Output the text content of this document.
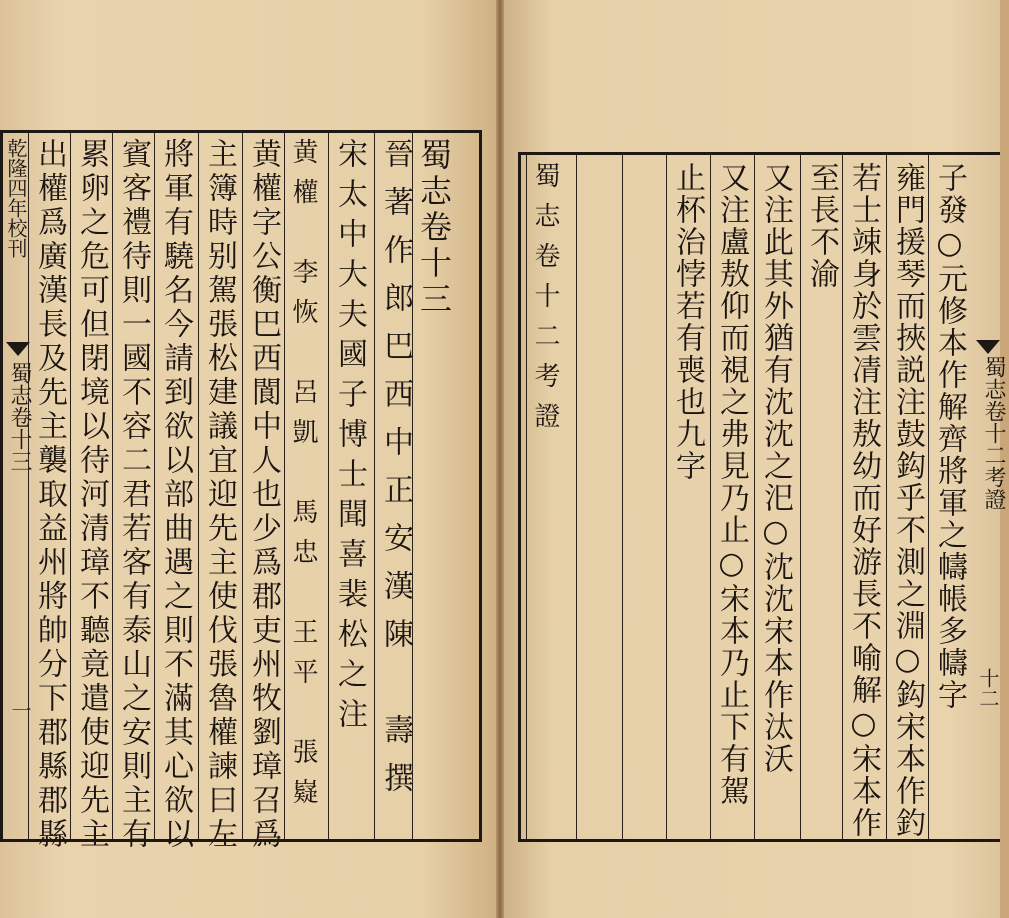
乾隆四年校刊
蜀志卷十三
一
蜀志卷十二考證
十二
蜀志卷十三
晉著作郎巴西中正安漢陳　壽撰
宋太中大夫國子博士聞喜裴松之注
黄權　李恢　呂凱　馬忠　王平　張嶷
黄權字公衡巴西閬中人也少爲郡吏州牧劉璋召爲
主簿時别駕張松建議宜迎先主使伐張魯權諫曰左
將軍有驍名今請到欲以部曲遇之則不滿其心欲以
賓客禮待則一國不容二君若客有泰山之安則主有
累卵之危可但閉境以待河清璋不聽竟遣使迎先主
出權爲廣漢長及先主襲取益州將帥分下郡縣郡縣	蜀志卷十二考證	止杯治悖若有喪也九字 又注盧敖仰而視之弗見乃止○宋本乃止下有駕 又注此其外猶有沈沈之汜○沈沈宋本作汰沃 至長不渝 若士竦身於雲凊注敖幼而好游長不喻解○宋本作 雍門援琴而挾説注鼓鈎乎不測之淵○鈎宋本作釣 子發○元修本作解齊將軍之幬帳多幬字
